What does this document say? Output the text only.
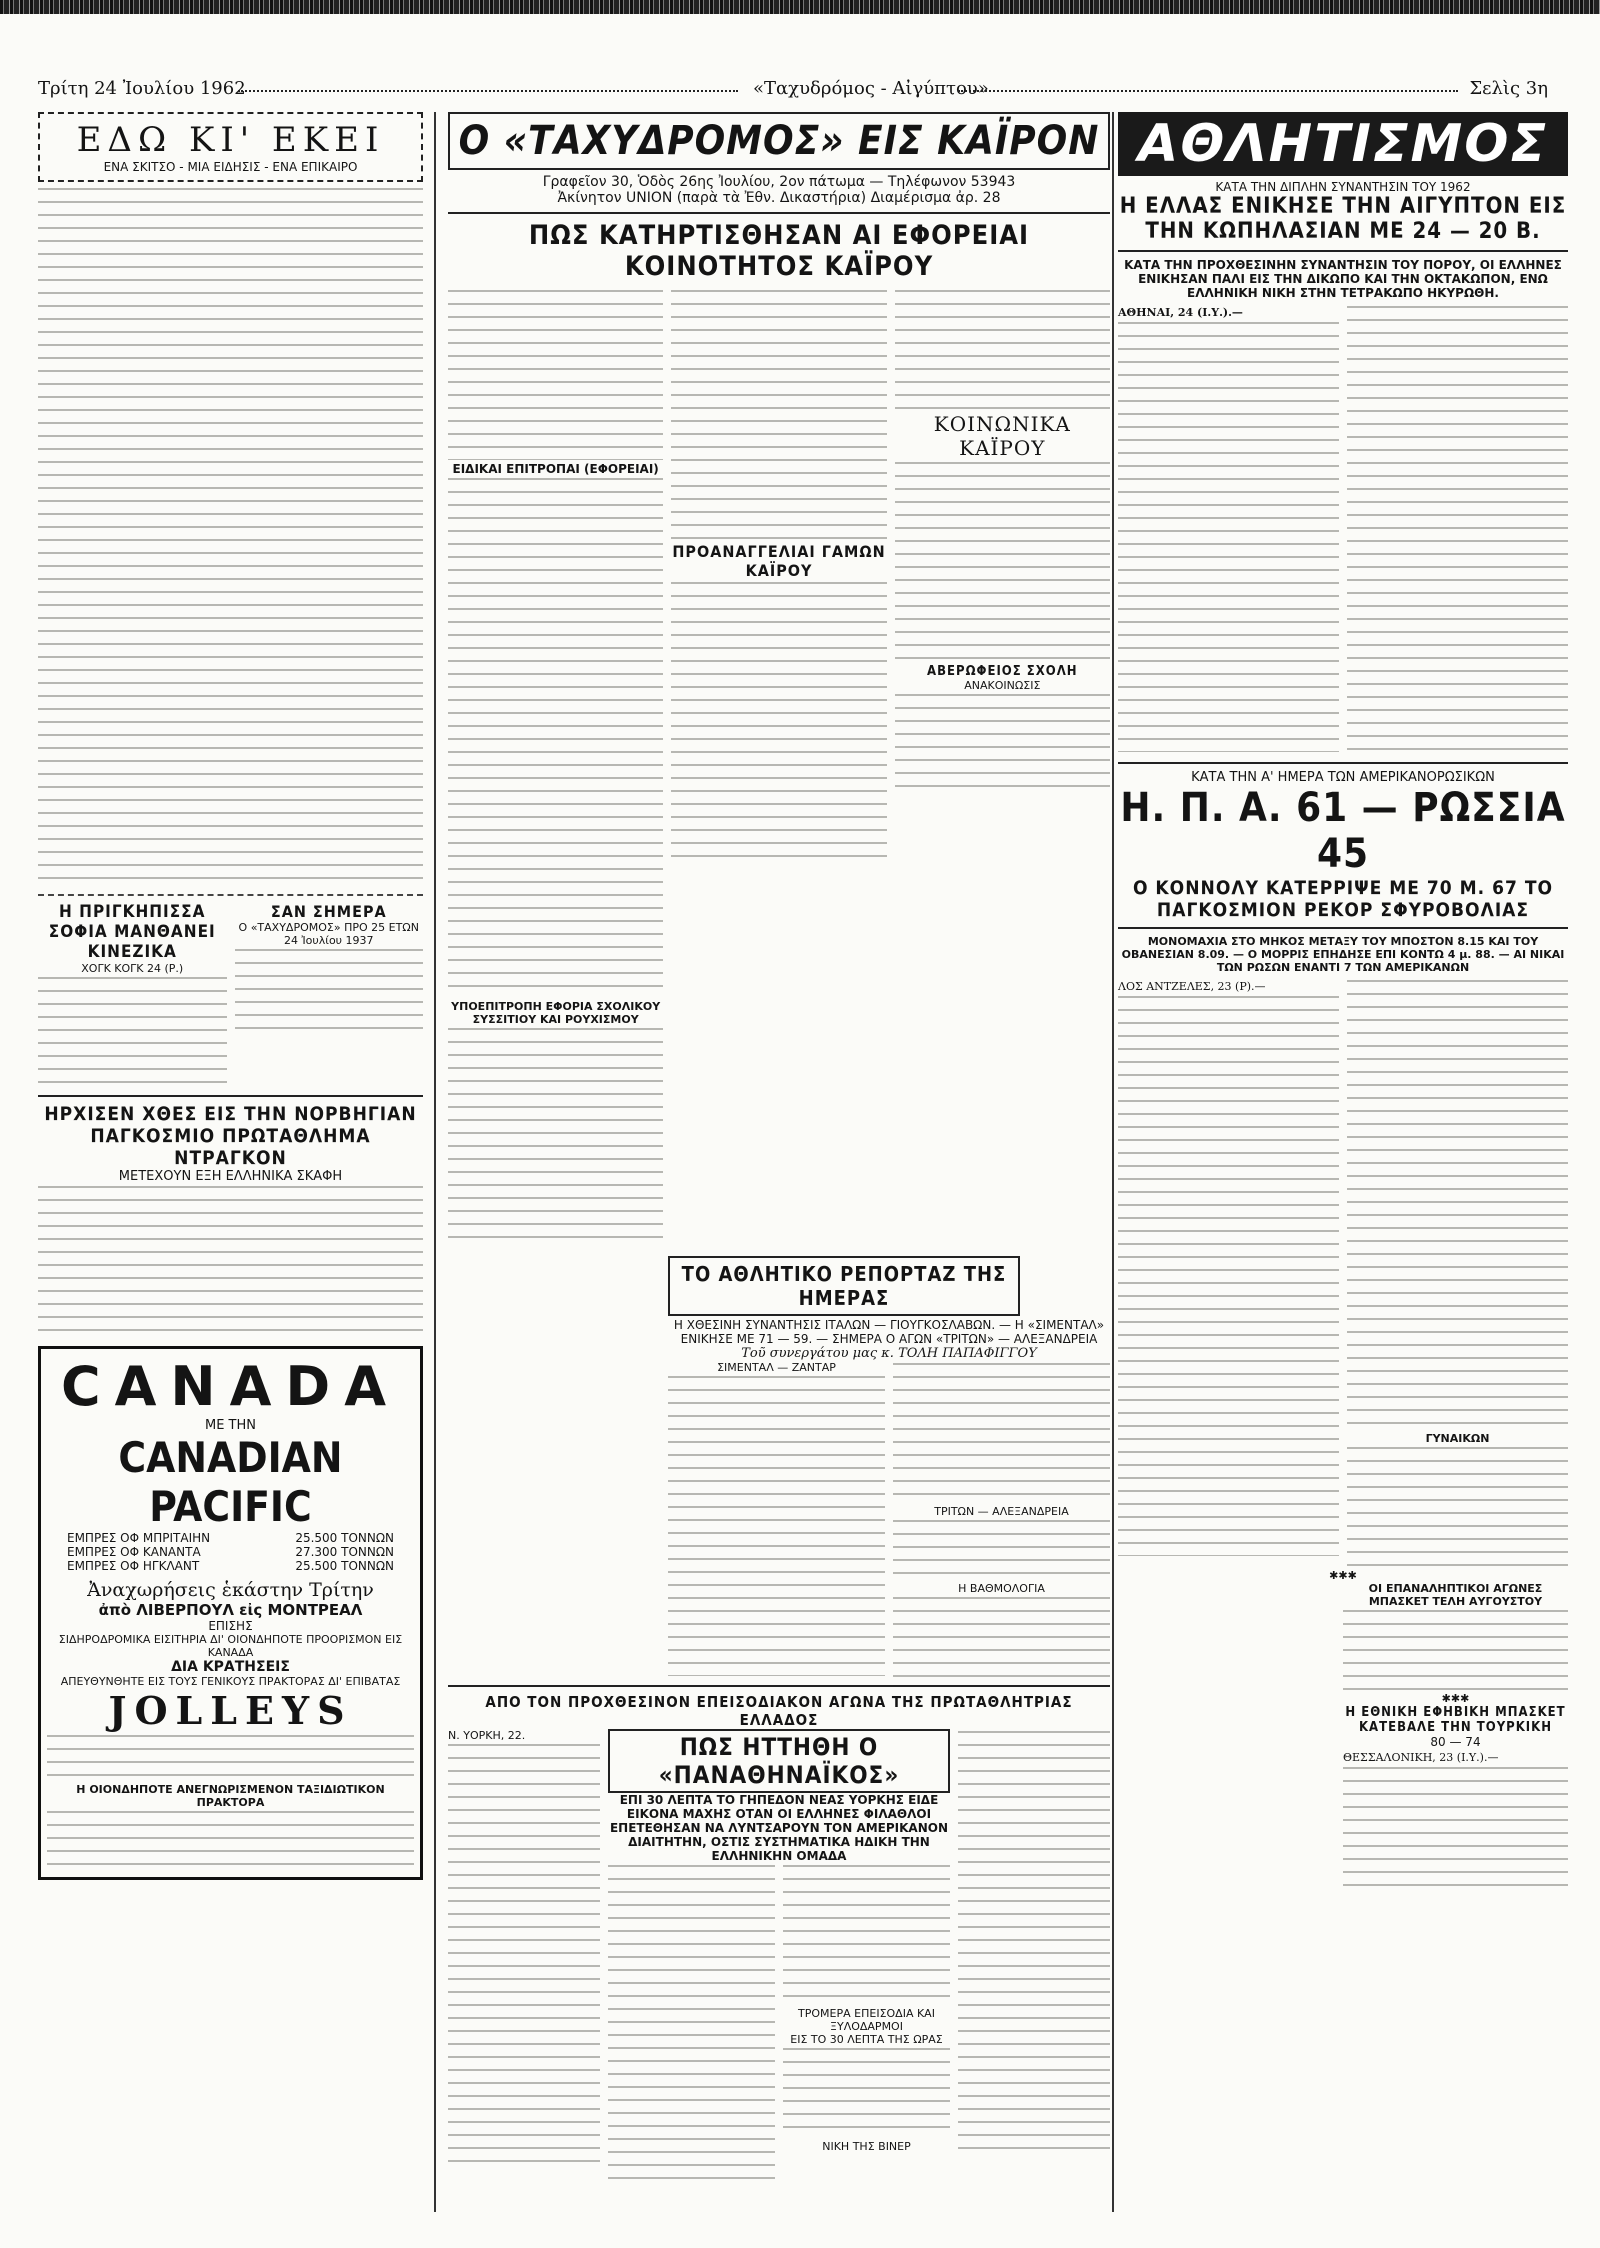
Τρίτη 24 Ἰουλίου 1962	«Ταχυδρόμος - Αἰγύπτου»	Σελὶς 3η
ΕΔΩ ΚΙ' ΕΚΕΙ
ΕΝΑ ΣΚΙΤΣΟ - ΜΙΑ ΕΙΔΗΣΙΣ - ΕΝΑ ΕΠΙΚΑΙΡΟ
Η ΠΡΙΓΚΗΠΙΣΣΑ ΣΟΦΙΑ ΜΑΝΘΑΝΕΙ ΚΙΝΕΖΙΚΑ
ΧΟΓΚ ΚΟΓΚ 24 (Ρ.)
ΣΑΝ ΣΗΜΕΡΑ
Ο «ΤΑΧΥΔΡΟΜΟΣ» ΠΡΟ 25 ΕΤΩΝ
24 Ἰουλίου 1937
ΗΡΧΙΣΕΝ ΧΘΕΣ ΕΙΣ ΤΗΝ ΝΟΡΒΗΓΙΑΝ ΠΑΓΚΟΣΜΙΟ ΠΡΩΤΑΘΛΗΜΑ ΝΤΡΑΓΚΟΝ
ΜΕΤΕΧΟΥΝ ΕΞΗ ΕΛΛΗΝΙΚΑ ΣΚΑΦΗ
CANADA
ΜΕ ΤΗΝ
CANADIAN PACIFIC
ΕΜΠΡΕΣ ΟΦ ΜΠΡΙΤΑΙΗΝ	25.500 ΤΟΝΝΩΝ
ΕΜΠΡΕΣ ΟΦ ΚΑΝΑΝΤΑ	27.300 ΤΟΝΝΩΝ
ΕΜΠΡΕΣ ΟΦ ΗΓΚΛΑΝΤ	25.500 ΤΟΝΝΩΝ
Ἀναχωρήσεις ἑκάστην Τρίτην
ἀπὸ ΛΙΒΕΡΠΟΥΛ εἰς ΜΟΝΤΡΕΑΛ
ΕΠΙΣΗΣ
ΣΙΔΗΡΟΔΡΟΜΙΚΑ ΕΙΣΙΤΗΡΙΑ ΔΙ' ΟΙΟΝΔΗΠΟΤΕ ΠΡΟΟΡΙΣΜΟΝ ΕΙΣ ΚΑΝΑΔΑ
ΔΙΑ ΚΡΑΤΗΣΕΙΣ
ΑΠΕΥΘΥΝΘΗΤΕ ΕΙΣ ΤΟΥΣ ΓΕΝΙΚΟΥΣ ΠΡΑΚΤΟΡΑΣ ΔΙ' ΕΠΙΒΑΤΑΣ
JOLLEYS
Η ΟΙΟΝΔΗΠΟΤΕ ΑΝΕΓΝΩΡΙΣΜΕΝΟΝ ΤΑΞΙΔΙΩΤΙΚΟΝ ΠΡΑΚΤΟΡΑ
Ο «ΤΑΧΥΔΡΟΜΟΣ» ΕΙΣ ΚΑΪΡΟΝ
Γραφεῖον 30, Ὁδὸς 26ης Ἰουλίου, 2ον πάτωμα — Τηλέφωνον 53943
Ἀκίνητον UNION (παρὰ τὰ Ἐθν. Δικαστήρια) Διαμέρισμα ἀρ. 28
ΠΩΣ ΚΑΤΗΡΤΙΣΘΗΣΑΝ ΑΙ ΕΦΟΡΕΙΑΙ ΚΟΙΝΟΤΗΤΟΣ ΚΑΪΡΟΥ
ΕΙΔΙΚΑΙ ΕΠΙΤΡΟΠΑΙ (ΕΦΟΡΕΙΑΙ)
ΥΠΟΕΠΙΤΡΟΠΗ ΕΦΟΡΙΑ ΣΧΟΛΙΚΟΥ ΣΥΣΣΙΤΙΟΥ ΚΑΙ ΡΟΥΧΙΣΜΟΥ
ΠΡΟΑΝΑΓΓΕΛΙΑΙ ΓΑΜΩΝ ΚΑΪΡΟΥ
ΚΟΙΝΩΝΙΚΑ ΚΑΪΡΟΥ
ΑΒΕΡΩΦΕΙΟΣ ΣΧΟΛΗ
ΑΝΑΚΟΙΝΩΣΙΣ
ΤΟ ΑΘΛΗΤΙΚΟ ΡΕΠΟΡΤΑΖ ΤΗΣ ΗΜΕΡΑΣ
Η ΧΘΕΣΙΝΗ ΣΥΝΑΝΤΗΣΙΣ ΙΤΑΛΩΝ — ΓΙΟΥΓΚΟΣΛΑΒΩΝ. — Η «ΣΙΜΕΝΤΑΛ» ΕΝΙΚΗΣΕ ΜΕ 71 — 59. — ΣΗΜΕΡΑ Ο ΑΓΩΝ «ΤΡΙΤΩΝ» — ΑΛΕΞΑΝΔΡΕΙΑ
Τοῦ συνεργάτου μας κ. ΤΟΛΗ ΠΑΠΑΦΙΓΓΟΥ
ΣΙΜΕΝΤΑΛ — ΖΑΝΤΑΡ
ΤΡΙΤΩΝ — ΑΛΕΞΑΝΔΡΕΙΑ
Η ΒΑΘΜΟΛΟΓΙΑ
ΑΠΟ ΤΟΝ ΠΡΟΧΘΕΣΙΝΟΝ ΕΠΕΙΣΟΔΙΑΚΟΝ ΑΓΩΝΑ ΤΗΣ ΠΡΩΤΑΘΛΗΤΡΙΑΣ ΕΛΛΑΔΟΣ
Ν. ΥΟΡΚΗ, 22.	ΠΩΣ ΗΤΤΗΘΗ Ο «ΠΑΝΑΘΗΝΑΪΚΟΣ»
ΕΠΙ 30 ΛΕΠΤΑ ΤΟ ΓΗΠΕΔΟΝ ΝΕΑΣ ΥΟΡΚΗΣ ΕΙΔΕ ΕΙΚΟΝΑ ΜΑΧΗΣ ΟΤΑΝ ΟΙ ΕΛΛΗΝΕΣ ΦΙΛΑΘΛΟΙ ΕΠΕΤΕΘΗΣΑΝ ΝΑ ΛΥΝΤΣΑΡΟΥΝ ΤΟΝ ΑΜΕΡΙΚΑΝΟΝ ΔΙΑΙΤΗΤΗΝ, ΟΣΤΙΣ ΣΥΣΤΗΜΑΤΙΚΑ ΗΔΙΚΗ ΤΗΝ ΕΛΛΗΝΙΚΗΝ ΟΜΑΔΑ
ΤΡΟΜΕΡΑ ΕΠΕΙΣΟΔΙΑ ΚΑΙ ΞΥΛΟΔΑΡΜΟΙ
ΕΙΣ ΤΟ 30 ΛΕΠΤΑ ΤΗΣ ΩΡΑΣ
ΝΙΚΗ ΤΗΣ ΒΙΝΕΡ
ΑΘΛΗΤΙΣΜΟΣ
ΚΑΤΑ ΤΗΝ ΔΙΠΛΗΝ ΣΥΝΑΝΤΗΣΙΝ ΤΟΥ 1962
Η ΕΛΛΑΣ ΕΝΙΚΗΣΕ ΤΗΝ ΑΙΓΥΠΤΟΝ ΕΙΣ ΤΗΝ ΚΩΠΗΛΑΣΙΑΝ ΜΕ 24 — 20 Β.
ΚΑΤΑ ΤΗΝ ΠΡΟΧΘΕΣΙΝΗΝ ΣΥΝΑΝΤΗΣΙΝ ΤΟΥ ΠΟΡΟΥ, ΟΙ ΕΛΛΗΝΕΣ ΕΝΙΚΗΣΑΝ ΠΑΛΙ ΕΙΣ ΤΗΝ ΔΙΚΩΠΟ ΚΑΙ ΤΗΝ ΟΚΤΑΚΩΠΟΝ, ΕΝΩ ΕΛΛΗΝΙΚΗ ΝΙΚΗ ΣΤΗΝ ΤΕΤΡΑΚΩΠΟ ΗΚΥΡΩΘΗ.
ΑΘΗΝΑΙ, 24 (Ι.Υ.).—
ΚΑΤΑ ΤΗΝ Α' ΗΜΕΡΑ ΤΩΝ ΑΜΕΡΙΚΑΝΟΡΩΣΙΚΩΝ
Η. Π. Α. 61 — ΡΩΣΣΙΑ 45
Ο ΚΟΝΝΟΛΥ ΚΑΤΕΡΡΙΨΕ ΜΕ 70 Μ. 67 ΤΟ ΠΑΓΚΟΣΜΙΟΝ ΡΕΚΟΡ ΣΦΥΡΟΒΟΛΙΑΣ
ΜΟΝΟΜΑΧΙΑ ΣΤΟ ΜΗΚΟΣ ΜΕΤΑΞΥ ΤΟΥ ΜΠΟΣΤΟΝ 8.15 ΚΑΙ ΤΟΥ ΟΒΑΝΕΣΙΑΝ 8.09. — Ο ΜΟΡΡΙΣ ΕΠΗΔΗΣΕ ΕΠΙ ΚΟΝΤΩ 4 μ. 88. — ΑΙ ΝΙΚΑΙ ΤΩΝ ΡΩΣΩΝ ΕΝΑΝΤΙ 7 ΤΩΝ ΑΜΕΡΙΚΑΝΩΝ
ΛΟΣ ΑΝΤΖΕΛΕΣ, 23 (Ρ).—
ΓΥΝΑΙΚΩΝ
✱✱✱
ΟΙ ΕΠΑΝΑΛΗΠΤΙΚΟΙ ΑΓΩΝΕΣ ΜΠΑΣΚΕΤ ΤΕΛΗ ΑΥΓΟΥΣΤΟΥ
✱✱✱
Η ΕΘΝΙΚΗ ΕΦΗΒΙΚΗ ΜΠΑΣΚΕΤ ΚΑΤΕΒΑΛΕ ΤΗΝ ΤΟΥΡΚΙΚΗ
80 — 74
ΘΕΣΣΑΛΟΝΙΚΗ, 23 (Ι.Υ.).—
